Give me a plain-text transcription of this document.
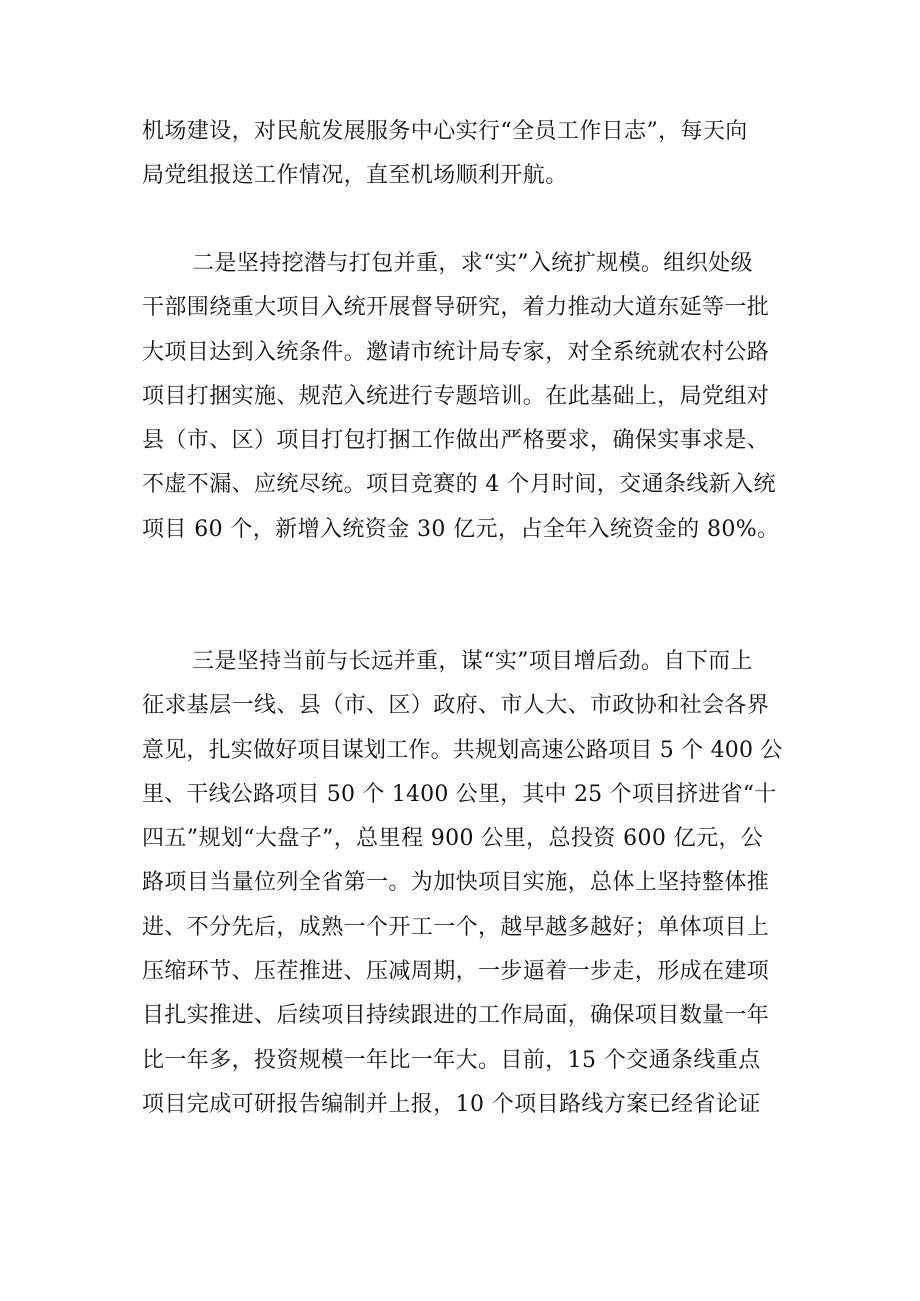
机场建设，对民航发展服务中心实行“全员工作日志”，每天向
局党组报送工作情况，直至机场顺利开航。
二是坚持挖潜与打包并重，求“实”入统扩规模。组织处级
干部围绕重大项目入统开展督导研究，着力推动大道东延等一批
大项目达到入统条件。邀请市统计局专家，对全系统就农村公路
项目打捆实施、规范入统进行专题培训。在此基础上，局党组对
县（市、区）项目打包打捆工作做出严格要求，确保实事求是、
不虚不漏、应统尽统。项目竞赛的 4 个月时间，交通条线新入统
项目 60 个，新增入统资金 30 亿元，占全年入统资金的 80%。
三是坚持当前与长远并重，谋“实”项目增后劲。自下而上
征求基层一线、县（市、区）政府、市人大、市政协和社会各界
意见，扎实做好项目谋划工作。共规划高速公路项目 5 个 400 公
里、干线公路项目 50 个 1400 公里，其中 25 个项目挤进省“十
四五”规划“大盘子”，总里程 900 公里，总投资 600 亿元，公
路项目当量位列全省第一。为加快项目实施，总体上坚持整体推
进、不分先后，成熟一个开工一个，越早越多越好；单体项目上
压缩环节、压茬推进、压减周期，一步逼着一步走，形成在建项
目扎实推进、后续项目持续跟进的工作局面，确保项目数量一年
比一年多，投资规模一年比一年大。目前，15 个交通条线重点
项目完成可研报告编制并上报，10 个项目路线方案已经省论证
